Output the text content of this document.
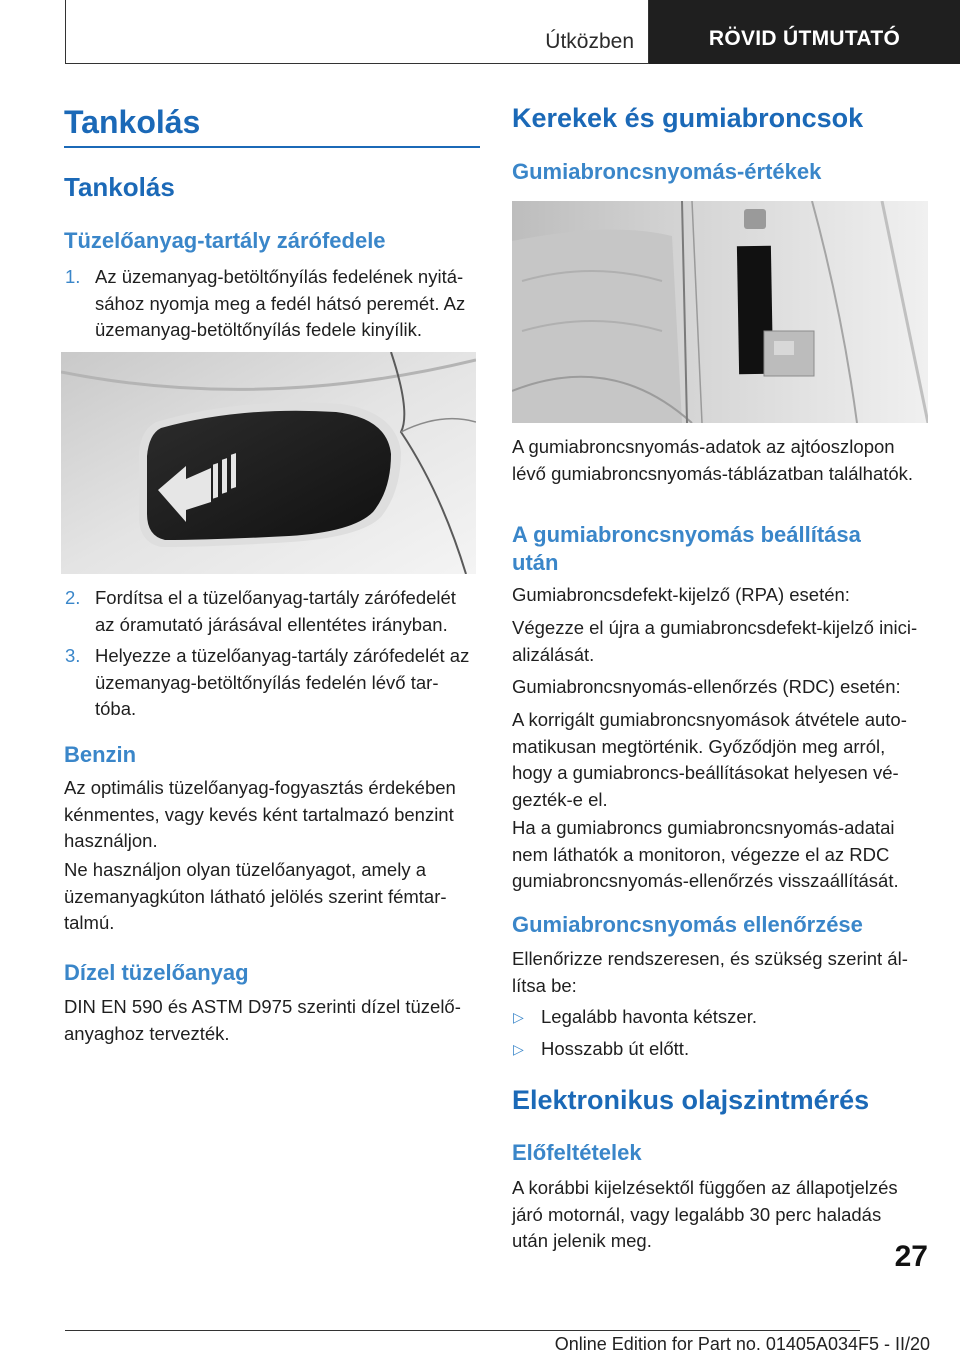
Útközben	RÖVID ÚTMUTATÓ
Tankolás
Tankolás
Tüzelőanyag-tartály zárófedele
1. Az üzemanyag-betöltőnyílás fedelének nyitá-
sához nyomja meg a fedél hátsó peremét. Az
üzemanyag-betöltőnyílás fedele kinyílik.
2. Fordítsa el a tüzelőanyag-tartály zárófedelét
az óramutató járásával ellentétes irányban.
3. Helyezze a tüzelőanyag-tartály zárófedelét az
üzemanyag-betöltőnyílás fedelén lévő tar-
tóba.
Benzin
Az optimális tüzelőanyag-fogyasztás érdekében
kénmentes, vagy kevés ként tartalmazó benzint
használjon.
Ne használjon olyan tüzelőanyagot, amely a
üzemanyagkúton látható jelölés szerint fémtar-
talmú.
Dízel tüzelőanyag
DIN EN 590 és ASTM D975 szerinti dízel tüzelő-
anyaghoz tervezték.
Kerekek és gumiabroncsok
Gumiabroncsnyomás-értékek
A gumiabroncsnyomás-adatok az ajtóoszlopon
lévő gumiabroncsnyomás-táblázatban találhatók.
A gumiabroncsnyomás beállítása
után
Gumiabroncsdefekt-kijelző (RPA) esetén:
Végezze el újra a gumiabroncsdefekt-kijelző inici-
alizálását.
Gumiabroncsnyomás-ellenőrzés (RDC) esetén:
A korrigált gumiabroncsnyomások átvétele auto-
matikusan megtörténik. Győződjön meg arról,
hogy a gumiabroncs-beállításokat helyesen vé-
gezték-e el.
Ha a gumiabroncs gumiabroncsnyomás-adatai
nem láthatók a monitoron, végezze el az RDC
gumiabroncsnyomás-ellenőrzés visszaállítását.
Gumiabroncsnyomás ellenőrzése
Ellenőrizze rendszeresen, és szükség szerint ál-
lítsa be:
▷ Legalább havonta kétszer.
▷ Hosszabb út előtt.
Elektronikus olajszintmérés
Előfeltételek
A korábbi kijelzésektől függően az állapotjelzés
járó motornál, vagy legalább 30 perc haladás
után jelenik meg.	27
Online Edition for Part no. 01405A034F5 - II/20
